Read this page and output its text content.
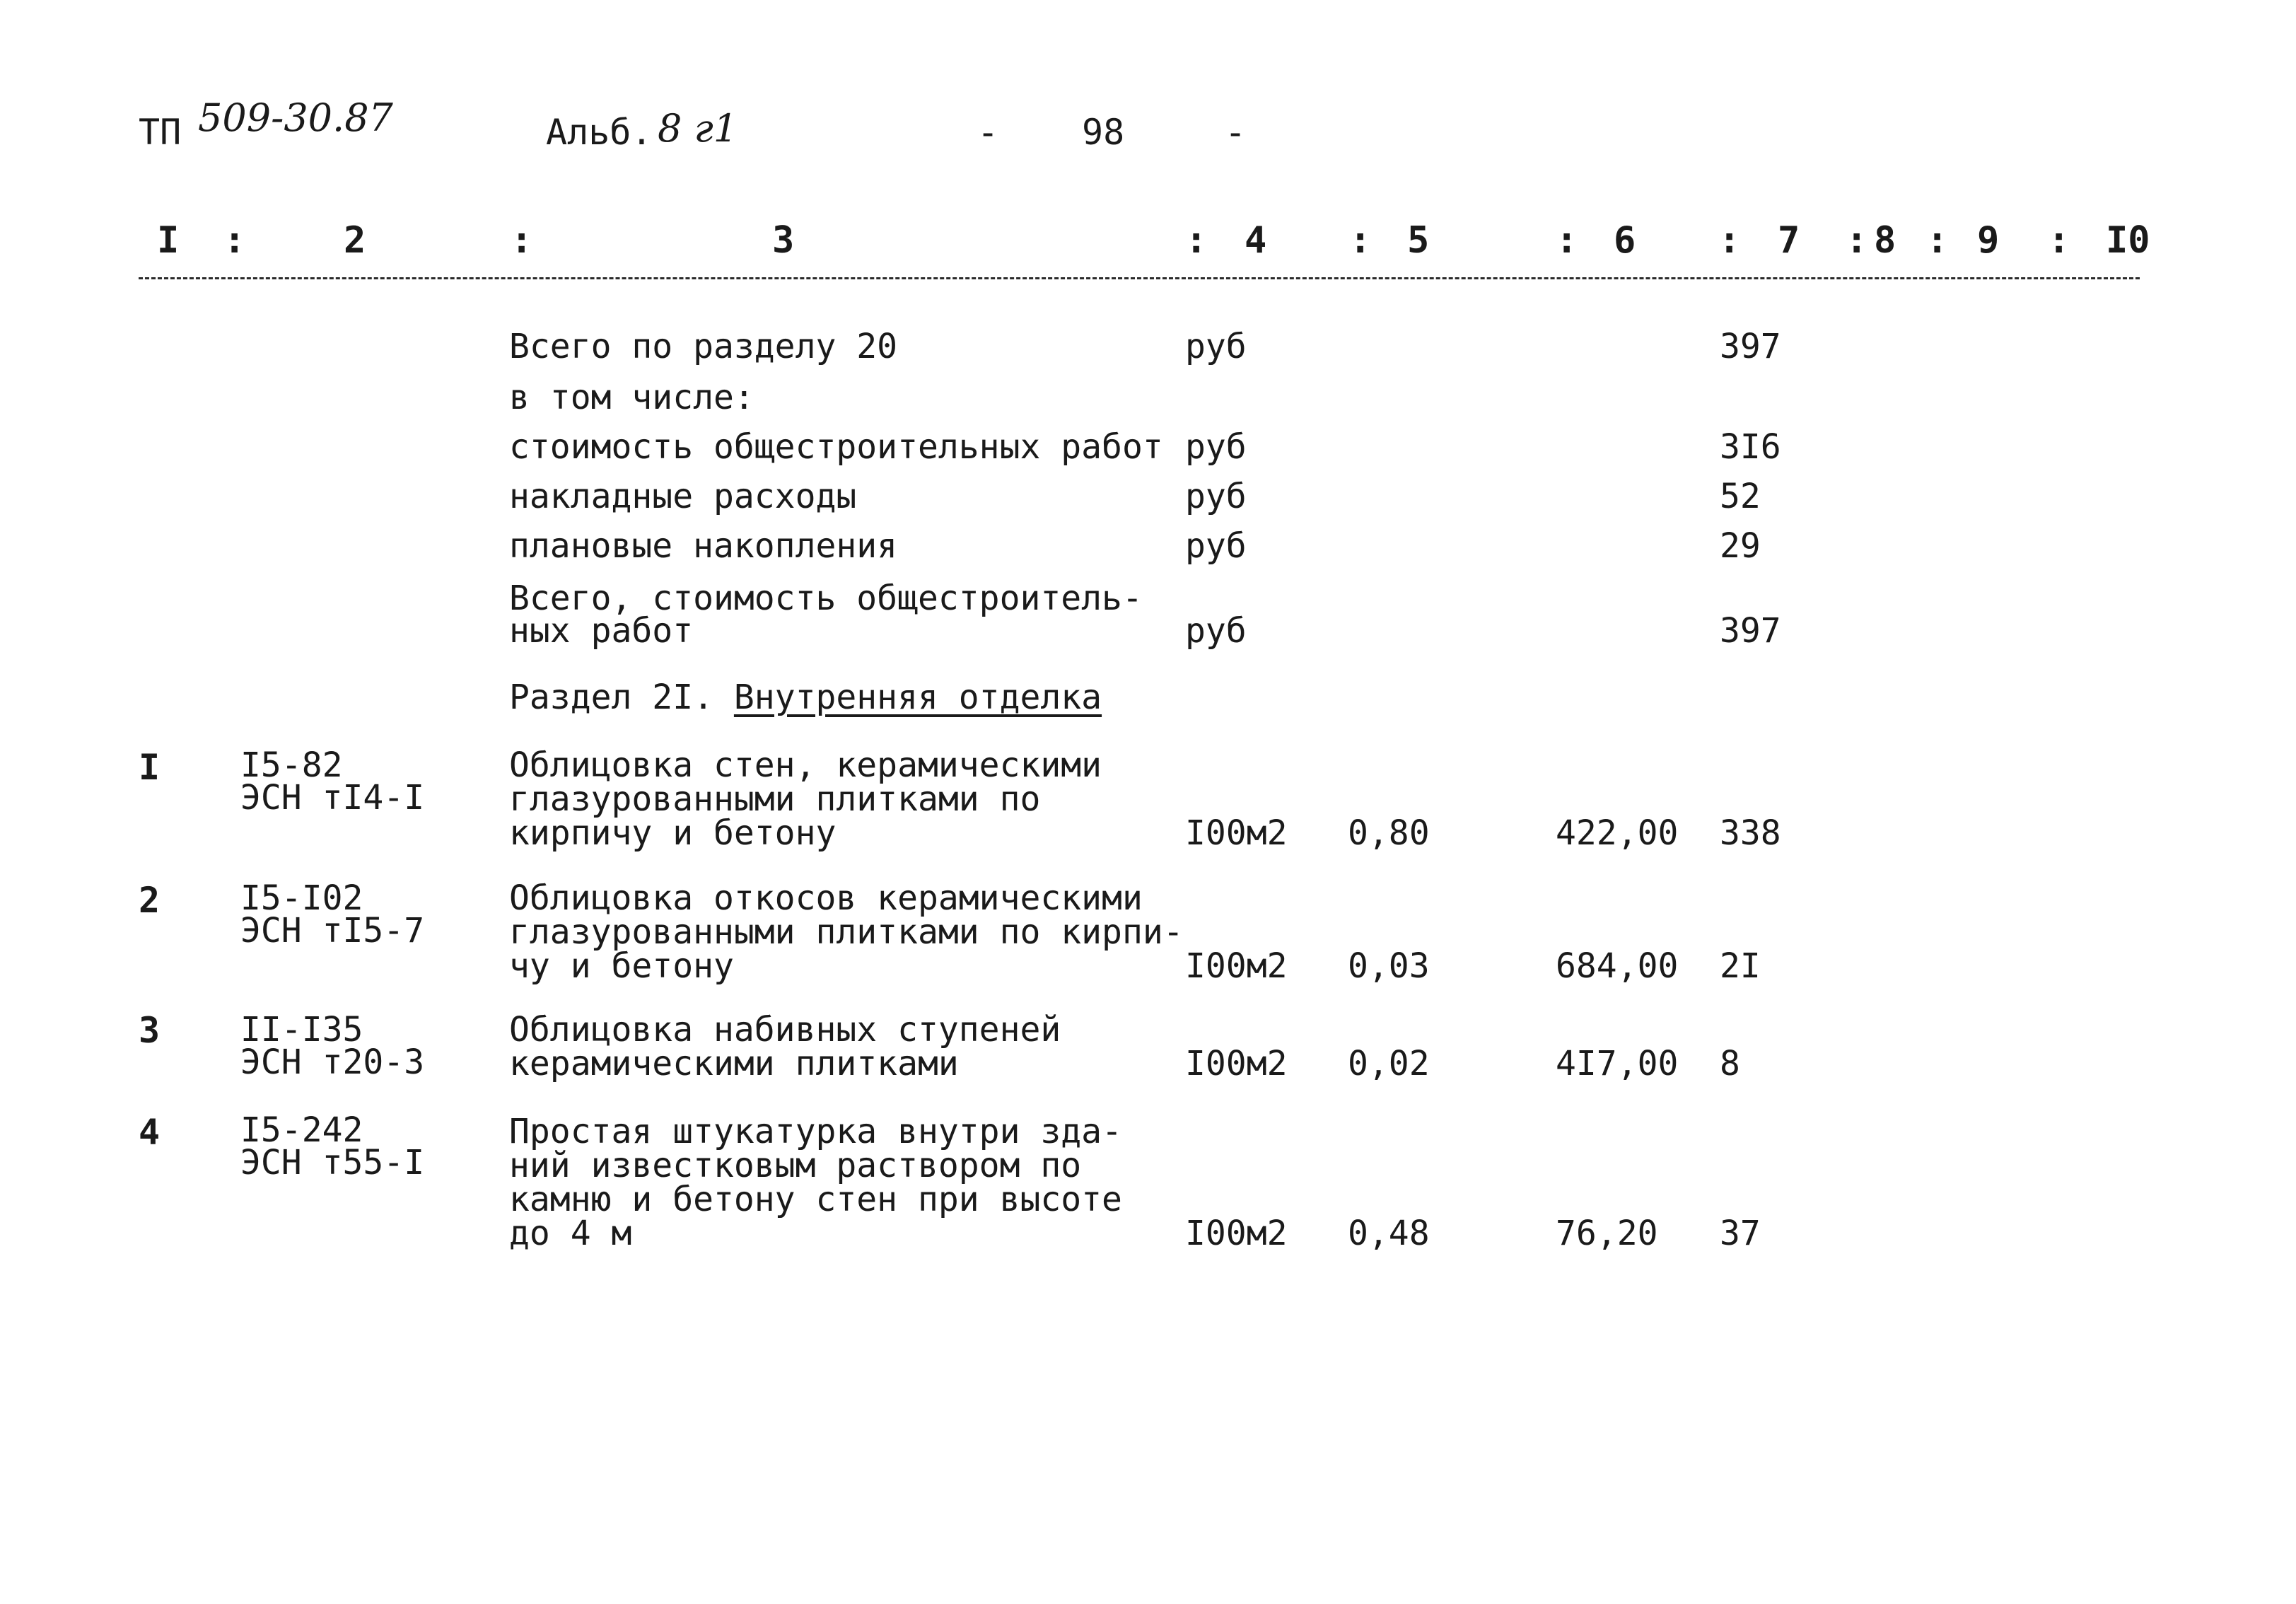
ТП 509-30.87	Альб. 8 г1	- 98	-
I :	2	:	3	: 4 : 5	: 6 : 7 : 8 : 9 : I0
Всего по разделу 20	руб	397
в том числе:
стоимость общестроительных работ руб	3I6
накладные расходы	руб	52
плановые накопления	руб	29
Всего, стоимость общестроитель-
ных работ	руб	397
Раздел 2I. Внутренняя отделка
I I5-82
ЭСН тI4-I
Облицовка стен, керамическими
глазурованными плитками по
кирпичу и бетону	I00м2 0,80	422,00 338
2 I5-I02
ЭСН тI5-7
Облицовка откосов керамическими
глазурованными плитками по кирпи-
чу и бетону	I00м2 0,03	684,00 2I
3 II-I35
ЭСН т20-3
Облицовка набивных ступеней
керамическими плитками	I00м2 0,02	4I7,00 8
4 I5-242
ЭСН т55-I
Простая штукатурка внутри зда-
ний известковым раствором по
камню и бетону стен при высоте
до 4 м	I00м2 0,48	76,20 37
